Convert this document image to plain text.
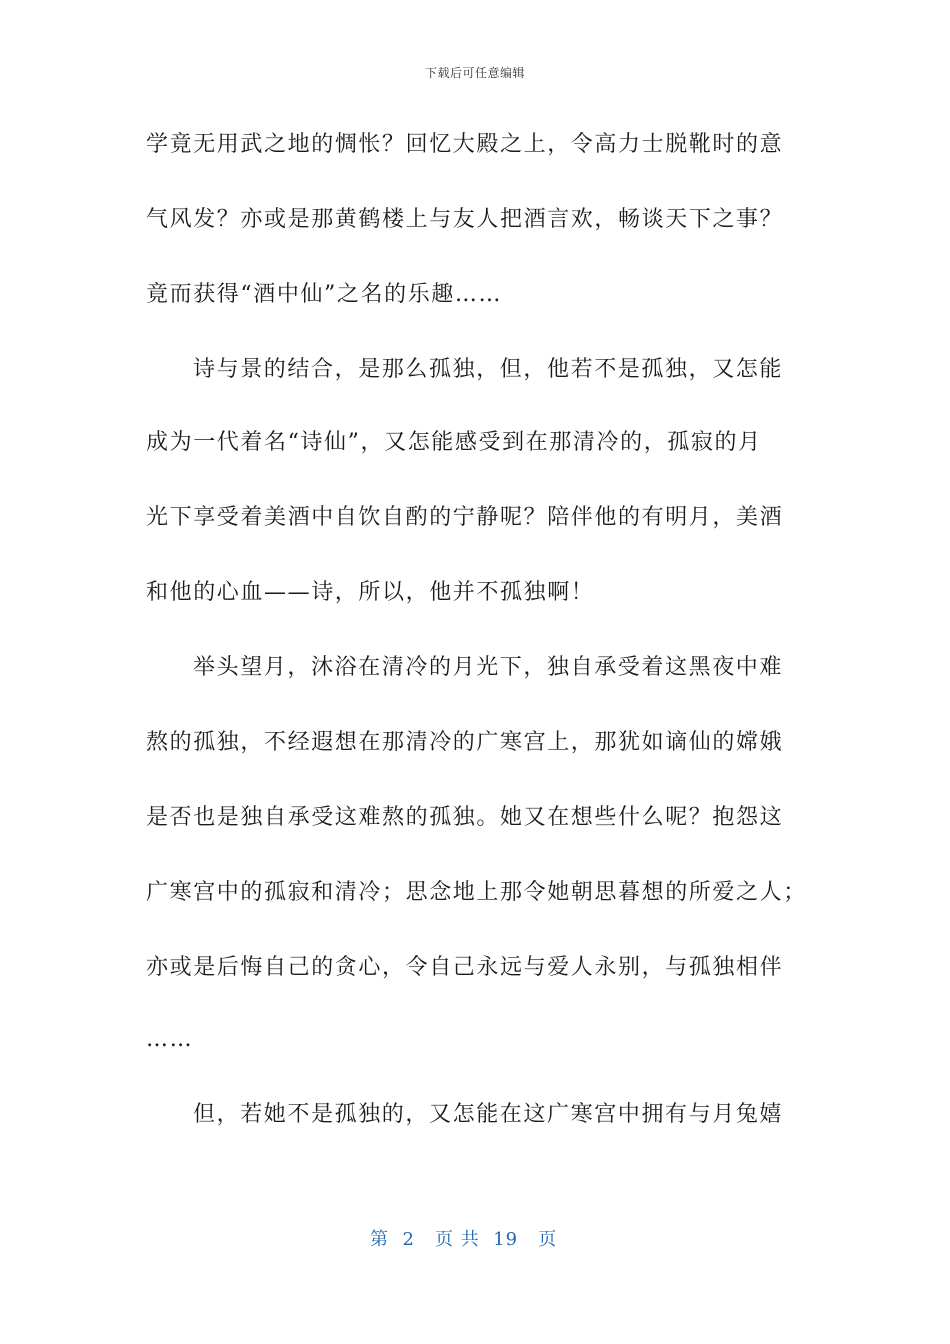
下载后可任意编辑
学竟无用武之地的惆怅？回忆大殿之上，令高力士脱靴时的意
气风发？亦或是那黄鹤楼上与友人把酒言欢，畅谈天下之事？
竟而获得“酒中仙”之名的乐趣……
诗与景的结合，是那么孤独，但，他若不是孤独，又怎能
成为一代着名“诗仙”，又怎能感受到在那清冷的，孤寂的月
光下享受着美酒中自饮自酌的宁静呢？陪伴他的有明月，美酒
和他的心血——诗，所以，他并不孤独啊！
举头望月，沐浴在清冷的月光下，独自承受着这黑夜中难
熬的孤独，不经遐想在那清冷的广寒宫上，那犹如谪仙的嫦娥
是否也是独自承受这难熬的孤独。她又在想些什么呢？抱怨这
广寒宫中的孤寂和清冷；思念地上那令她朝思暮想的所爱之人；
亦或是后悔自己的贪心，令自己永远与爱人永别，与孤独相伴
……
但，若她不是孤独的，又怎能在这广寒宫中拥有与月兔嬉
第  2   页 共  19   页
